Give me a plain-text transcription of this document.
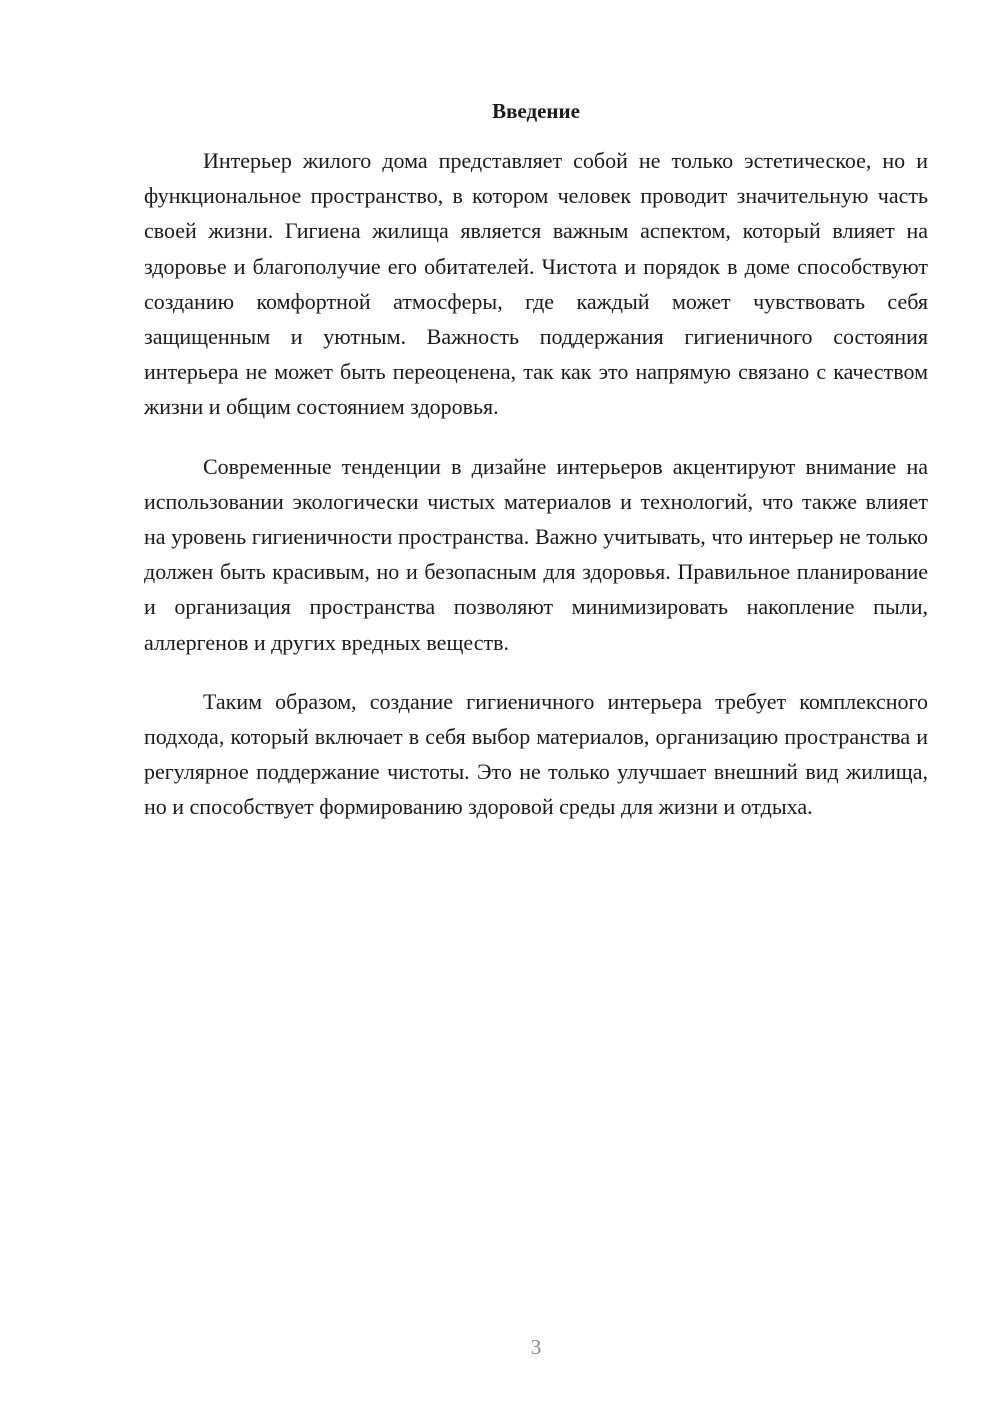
Введение

Интерьер жилого дома представляет собой не только эстетическое, но и функциональное пространство, в котором человек проводит значительную часть своей жизни. Гигиена жилища является важным аспектом, который влияет на здоровье и благополучие его обитателей. Чистота и порядок в доме способствуют созданию комфортной атмосферы, где каждый может чувствовать себя защищенным и уютным. Важность поддержания гигиеничного состояния интерьера не может быть переоценена, так как это напрямую связано с качеством жизни и общим состоянием здоровья.

Современные тенденции в дизайне интерьеров акцентируют внимание на использовании экологически чистых материалов и технологий, что также влияет на уровень гигиеничности пространства. Важно учитывать, что интерьер не только должен быть красивым, но и безопасным для здоровья. Правильное планирование и организация пространства позволяют минимизировать накопление пыли, аллергенов и других вредных веществ.

Таким образом, создание гигиеничного интерьера требует комплексного подхода, который включает в себя выбор материалов, организацию пространства и регулярное поддержание чистоты. Это не только улучшает внешний вид жилища, но и способствует формированию здоровой среды для жизни и отдыха.

3
